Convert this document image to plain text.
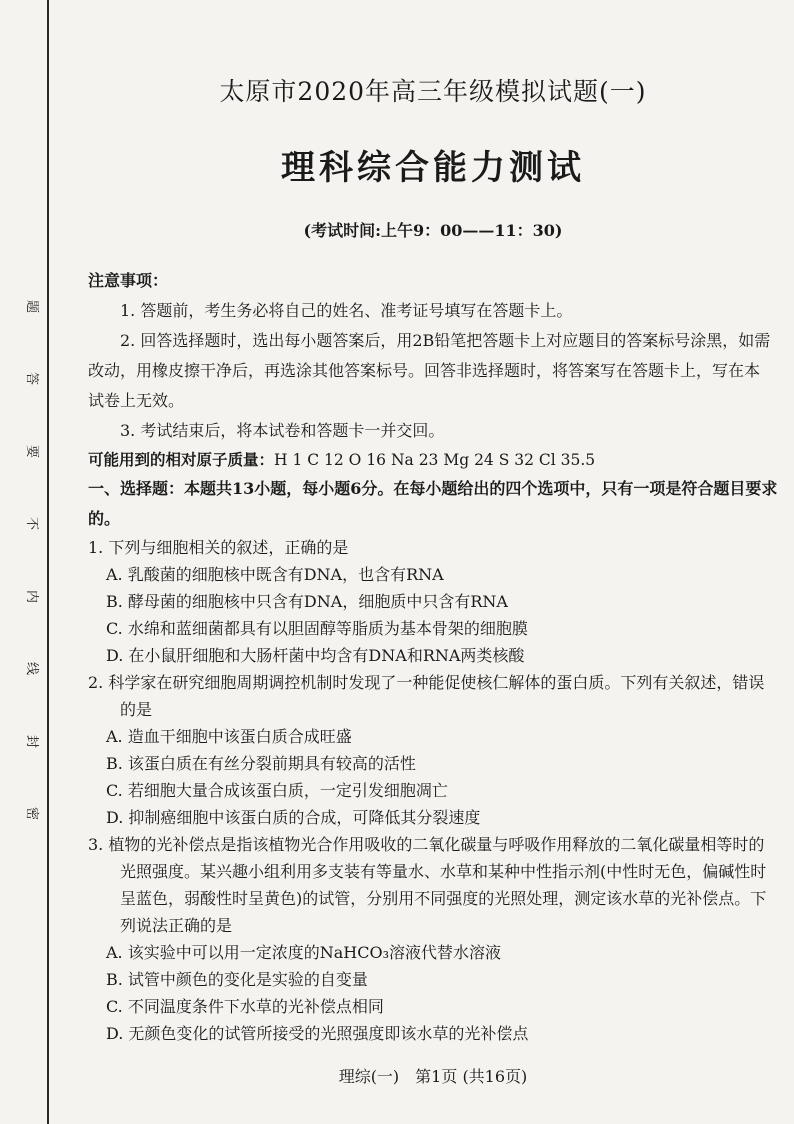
题
答
要
不
内
线
封
密
太原市2020年高三年级模拟试题(一)
理科综合能力测试
(考试时间:上午9：00——11：30)
注意事项：

1. 答题前，考生务必将自己的姓名、准考证号填写在答题卡上。

2. 回答选择题时，选出每小题答案后，用2B铅笔把答题卡上对应题目的答案标号涂黑，如需改动，用橡皮擦干净后，再选涂其他答案标号。回答非选择题时，将答案写在答题卡上，写在本试卷上无效。

3. 考试结束后，将本试卷和答题卡一并交回。

可能用到的相对原子质量：H 1 C 12 O 16 Na 23 Mg 24 S 32 Cl 35.5
一、选择题：本题共13小题，每小题6分。在每小题给出的四个选项中，只有一项是符合题目要求的。

1. 下列与细胞相关的叙述，正确的是

A. 乳酸菌的细胞核中既含有DNA，也含有RNA

B. 酵母菌的细胞核中只含有DNA，细胞质中只含有RNA

C. 水绵和蓝细菌都具有以胆固醇等脂质为基本骨架的细胞膜

D. 在小鼠肝细胞和大肠杆菌中均含有DNA和RNA两类核酸

2. 科学家在研究细胞周期调控机制时发现了一种能促使核仁解体的蛋白质。下列有关叙述，错误的是

A. 造血干细胞中该蛋白质合成旺盛

B. 该蛋白质在有丝分裂前期具有较高的活性

C. 若细胞大量合成该蛋白质，一定引发细胞凋亡

D. 抑制癌细胞中该蛋白质的合成，可降低其分裂速度

3. 植物的光补偿点是指该植物光合作用吸收的二氧化碳量与呼吸作用释放的二氧化碳量相等时的光照强度。某兴趣小组利用多支装有等量水、水草和某种中性指示剂(中性时无色，偏碱性时呈蓝色，弱酸性时呈黄色)的试管，分别用不同强度的光照处理，测定该水草的光补偿点。下列说法正确的是

A. 该实验中可以用一定浓度的NaHCO₃溶液代替水溶液

B. 试管中颜色的变化是实验的自变量

C. 不同温度条件下水草的光补偿点相同

D. 无颜色变化的试管所接受的光照强度即该水草的光补偿点

理综(一)　第1页 (共16页)
